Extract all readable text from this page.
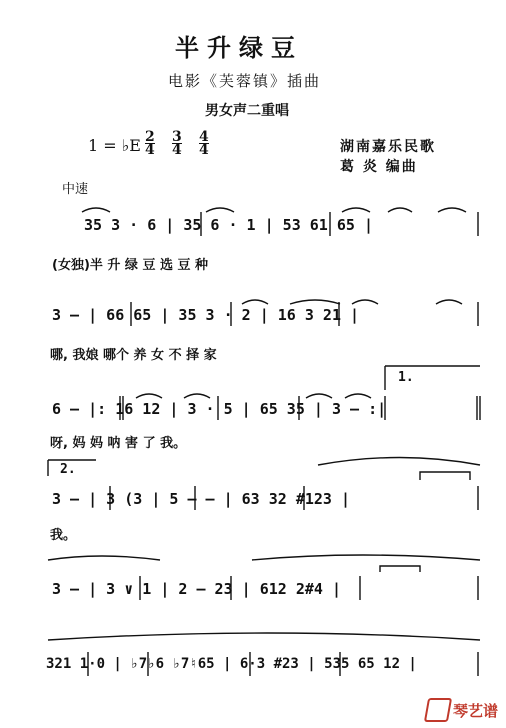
半升绿豆
电影《芙蓉镇》插曲
男女声二重唱
1 = ♭E $\frac{2}{4} \frac{3}{4} \frac{4}{4}$	湖南嘉乐民歌
葛 炎 编曲
中速
35 3 · 6 | 35 6 · 1 | 53 61 65 |
(女独)半 升 绿 豆 选 豆 种
3 — | 66 65 | 35 3 · 2 | 16 3 21 |
哪, 我娘 哪个 养 女 不 择 家
1.
6 — |: 16 12 | 3 · 5 | 65 35 | 3 — :|
呀, 妈 妈 呐 害 了 我。
2.
3 — | 3 (3 | 5 — — | 63 32 #123 |
我。
3 — | 3 ∨ 1 | 2 — 23 | 612 2#4 |
321 1·0 | ♭7♭6 ♭7♮65 | 6·3 #23 | 535 65 12 |
琴艺谱
